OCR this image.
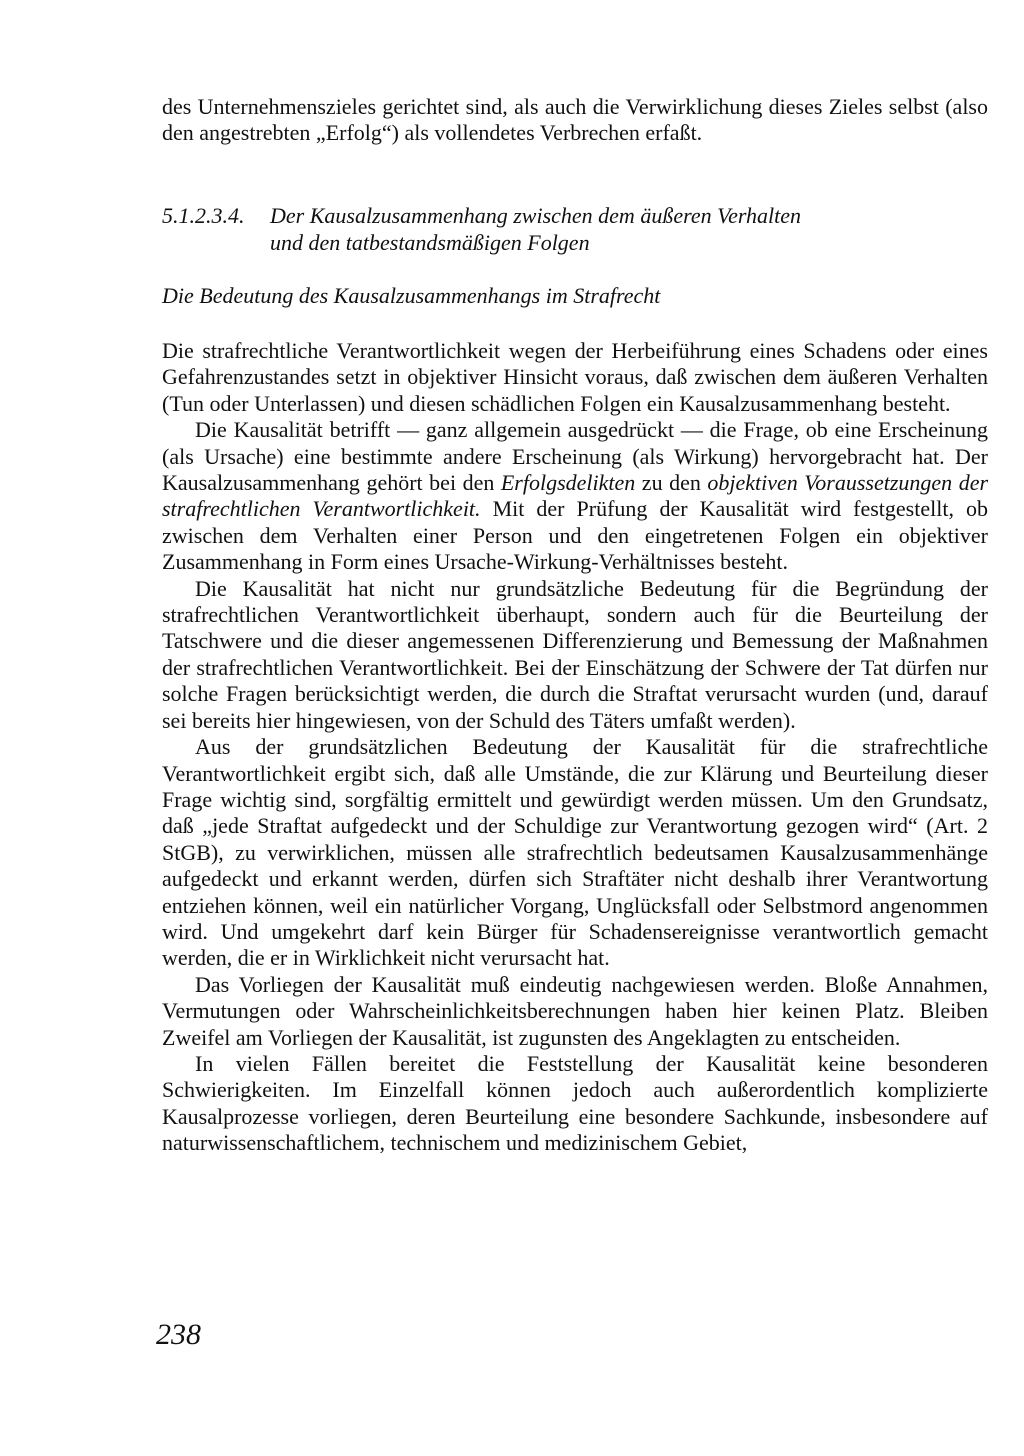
des Unternehmenszieles gerichtet sind, als auch die Verwirklichung dieses Zieles selbst (also den angestrebten „Erfolg“) als vollendetes Verbrechen erfaßt.

5.1.2.3.4. Der Kausalzusammenhang zwischen dem äußeren Verhalten
und den tatbestandsmäßigen Folgen
Die Bedeutung des Kausalzusammenhangs im Strafrecht

Die strafrechtliche Verantwortlichkeit wegen der Herbeiführung eines Schadens oder eines Gefahrenzustandes setzt in objektiver Hinsicht voraus, daß zwischen dem äußeren Verhalten (Tun oder Unterlassen) und diesen schädlichen Folgen ein Kausalzusammenhang besteht.

Die Kausalität betrifft — ganz allgemein ausgedrückt — die Frage, ob eine Erscheinung (als Ursache) eine bestimmte andere Erscheinung (als Wirkung) hervorgebracht hat. Der Kausalzusammenhang gehört bei den Erfolgsdelikten zu den objektiven Voraussetzungen der strafrechtlichen Verantwortlichkeit. Mit der Prüfung der Kausalität wird festgestellt, ob zwischen dem Verhalten einer Person und den eingetretenen Folgen ein objektiver Zusammenhang in Form eines Ursache-Wirkung-Verhältnisses besteht.

Die Kausalität hat nicht nur grundsätzliche Bedeutung für die Begründung der strafrechtlichen Verantwortlichkeit überhaupt, sondern auch für die Beurteilung der Tatschwere und die dieser angemessenen Differenzierung und Bemessung der Maßnahmen der strafrechtlichen Verantwortlichkeit. Bei der Einschätzung der Schwere der Tat dürfen nur solche Fragen berücksichtigt werden, die durch die Straftat verursacht wurden (und, darauf sei bereits hier hingewiesen, von der Schuld des Täters umfaßt werden).

Aus der grundsätzlichen Bedeutung der Kausalität für die strafrechtliche Verantwortlichkeit ergibt sich, daß alle Umstände, die zur Klärung und Beurteilung dieser Frage wichtig sind, sorgfältig ermittelt und gewürdigt werden müssen. Um den Grundsatz, daß „jede Straftat aufgedeckt und der Schuldige zur Verantwortung gezogen wird“ (Art. 2 StGB), zu verwirklichen, müssen alle strafrechtlich bedeutsamen Kausalzusammenhänge aufgedeckt und erkannt werden, dürfen sich Straftäter nicht deshalb ihrer Verantwortung entziehen können, weil ein natürlicher Vorgang, Unglücksfall oder Selbstmord angenommen wird. Und umgekehrt darf kein Bürger für Schadensereignisse verantwortlich gemacht werden, die er in Wirklichkeit nicht verursacht hat.

Das Vorliegen der Kausalität muß eindeutig nachgewiesen werden. Bloße Annahmen, Vermutungen oder Wahrscheinlichkeitsberechnungen haben hier keinen Platz. Bleiben Zweifel am Vorliegen der Kausalität, ist zugunsten des Angeklagten zu entscheiden.

In vielen Fällen bereitet die Feststellung der Kausalität keine besonderen Schwierigkeiten. Im Einzelfall können jedoch auch außerordentlich komplizierte Kausalprozesse vorliegen, deren Beurteilung eine besondere Sachkunde, insbesondere auf naturwissenschaftlichem, technischem und medizinischem Gebiet,

238
